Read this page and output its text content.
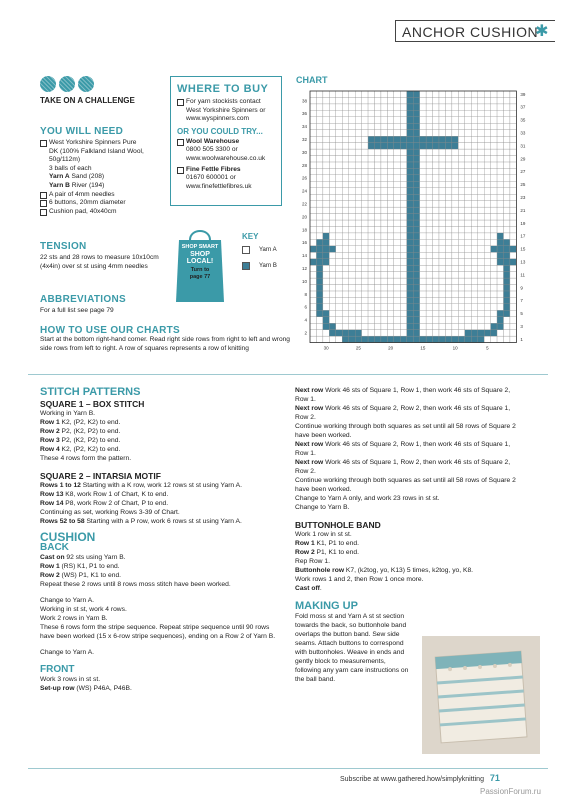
ANCHOR CUSHION
✱
TAKE ON A CHALLENGE
YOU WILL NEED
West Yorkshire Spinners Pure
DK (100% Falkland Island Wool,
50g/112m)
3 balls of each
Yarn A Sand (208)
Yarn B River (194)
A pair of 4mm needles
6 buttons, 20mm diameter
Cushion pad, 40x40cm
TENSION
22 sts and 28 rows to measure 10x10cm (4x4in) over st st using 4mm needles
ABBREVIATIONS
For a full list see page 79
WHERE TO BUY
For yarn stockists contact West Yorkshire Spinners or www.wyspinners.com
OR YOU COULD TRY...
Wool Warehouse
0800 505 3300 or
www.woolwarehouse.co.uk
Fine Fettle Fibres
01670 600001 or
www.finefettlefibres.uk
SHOP SMART
SHOP
LOCAL!
Turn to
page 77
KEY
Yarn A
Yarn B
CHART
2
4
6
8
10
12
14
16
18
20
22
24
26
28
30
32
34
36
38
1
3
5
7
9
11
13
15
17
19
21
23
25
27
29
31
33
35
37
39
30	25	20	15	10	5
HOW TO USE OUR CHARTS
Start at the bottom right-hand corner. Read right side rows from right to left and wrong side rows from left to right. A row of squares represents a row of knitting
STITCH PATTERNS
SQUARE 1 – BOX STITCH
Working in Yarn B.
Row 1 K2, (P2, K2) to end.
Row 2 P2, (K2, P2) to end.
Row 3 P2, (K2, P2) to end.
Row 4 K2, (P2, K2) to end.
These 4 rows form the pattern.
SQUARE 2 – INTARSIA MOTIF
Rows 1 to 12 Starting with a K row, work 12 rows st st using Yarn A.
Row 13 K8, work Row 1 of Chart, K to end.
Row 14 P8, work Row 2 of Chart, P to end.
Continuing as set, working Rows 3-39 of Chart.
Rows 52 to 58 Starting with a P row, work 6 rows st st using Yarn A.
CUSHION
BACK
Cast on 92 sts using Yarn B.
Row 1 (RS) K1, P1 to end.
Row 2 (WS) P1, K1 to end.
Repeat these 2 rows until 8 rows moss stitch have been worked.
Change to Yarn A.
Working in st st, work 4 rows.
Work 2 rows in Yarn B.
These 6 rows form the stripe sequence. Repeat stripe sequence until 90 rows have been worked (15 x 6-row stripe sequences), ending on a Row 2 of Yarn B.
Change to Yarn A.
FRONT
Work 3 rows in st st.
Set-up row (WS) P46A, P46B.
Next row Work 46 sts of Square 1, Row 1, then work 46 sts of Square 2, Row 1.
Next row Work 46 sts of Square 2, Row 2, then work 46 sts of Square 1, Row 2.
Continue working through both squares as set until all 58 rows of Square 2 have been worked.
Next row Work 46 sts of Square 2, Row 1, then work 46 sts of Square 1, Row 1.
Next row Work 46 sts of Square 1, Row 2, then work 46 sts of Square 2, Row 2.
Continue working through both squares as set until all 58 rows of Square 2 have been worked.
Change to Yarn A only, and work 23 rows in st st.
Change to Yarn B.
BUTTONHOLE BAND
Work 1 row in st st.
Row 1 K1, P1 to end.
Row 2 P1, K1 to end.
Rep Row 1.
Buttonhole row K7, (k2tog, yo, K13) 5 times, k2tog, yo, K8.
Work rows 1 and 2, then Row 1 once more.
Cast off.
MAKING UP
Fold moss st and Yarn A st st section towards the back, so buttonhole band overlaps the button band. Sew side seams. Attach buttons to correspond with buttonholes. Weave in ends and gently block to measurements, following any yarn care instructions on the ball band.
Subscribe at www.gathered.how/simplyknitting 71
PassionForum.ru
